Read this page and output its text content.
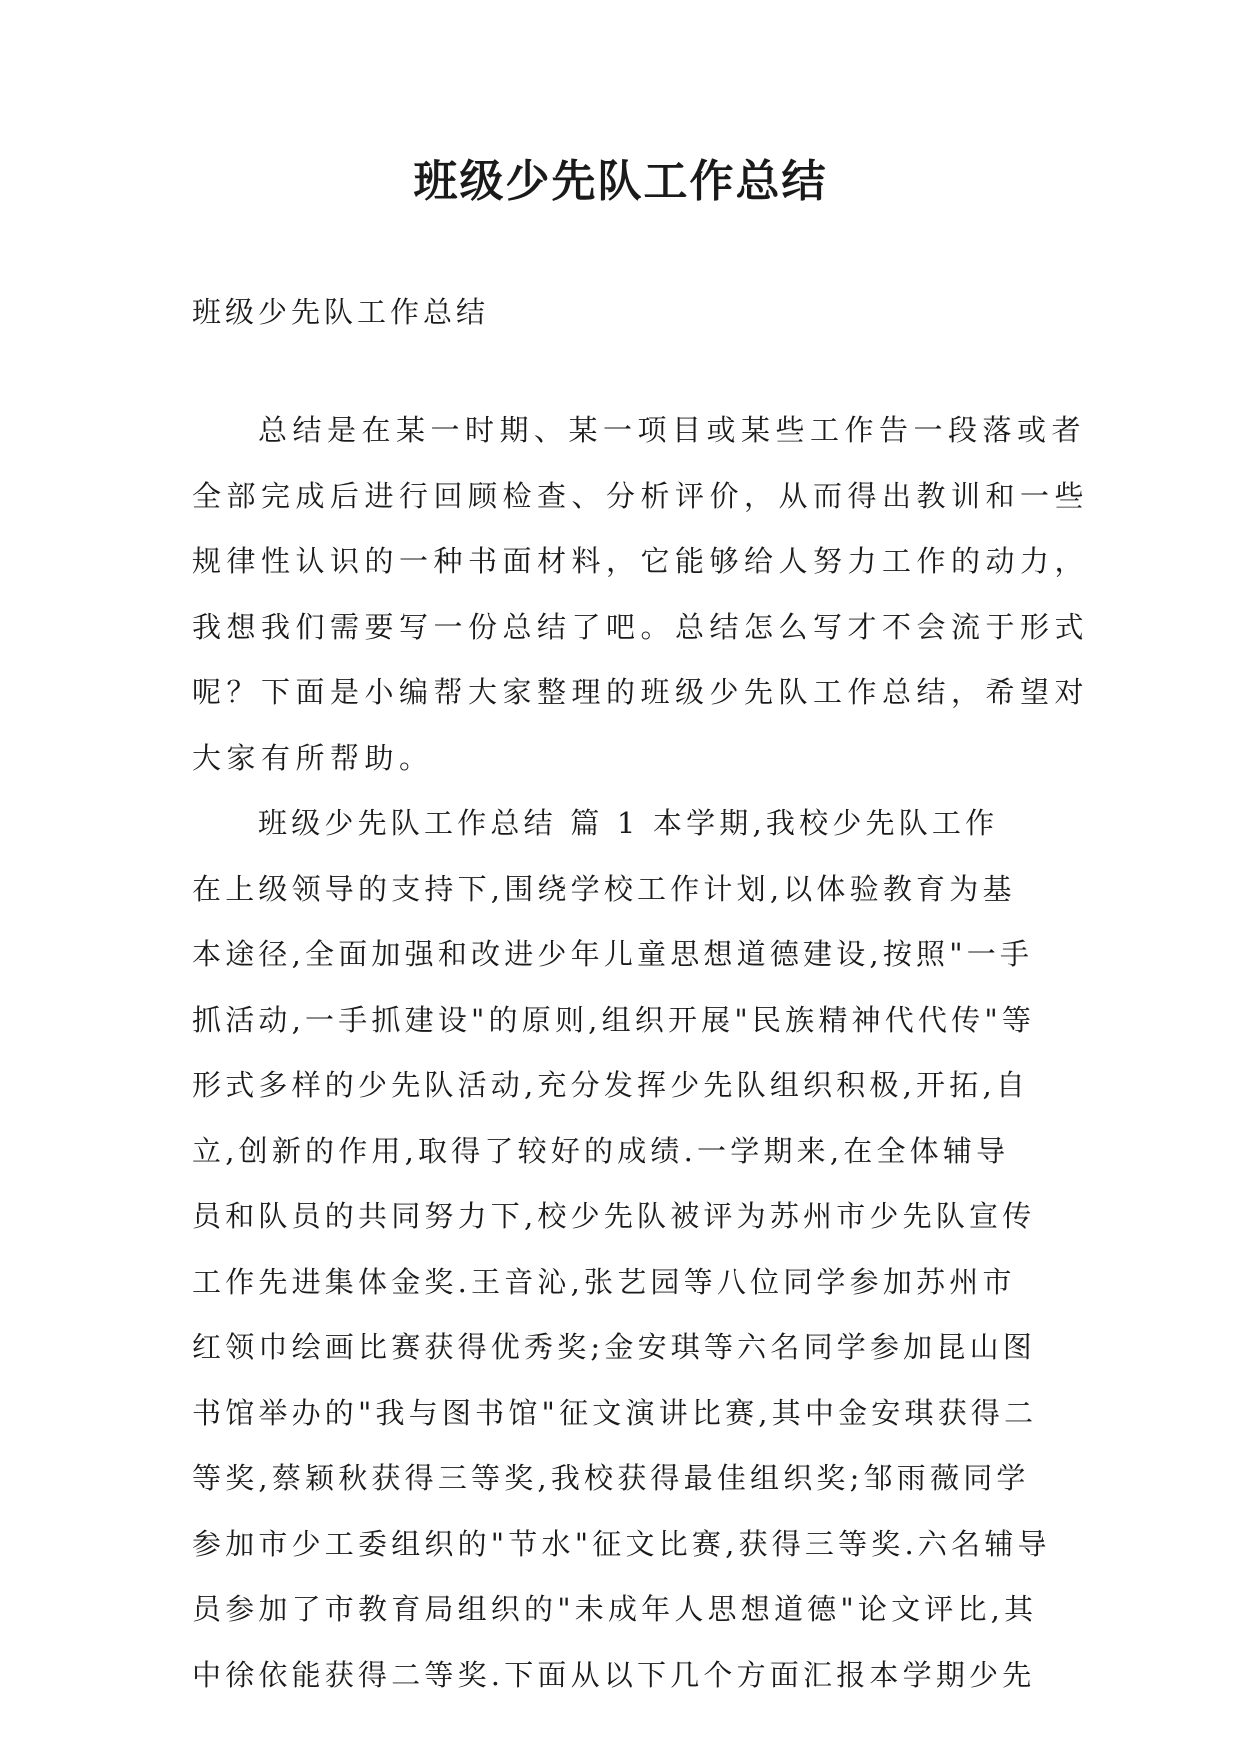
班级少先队工作总结

班级少先队工作总结

总结是在某一时期、某一项目或某些工作告一段落或者
全部完成后进行回顾检查、分析评价，从而得出教训和一些
规律性认识的一种书面材料，它能够给人努力工作的动力，
我想我们需要写一份总结了吧。总结怎么写才不会流于形式
呢？下面是小编帮大家整理的班级少先队工作总结，希望对
大家有所帮助。
班级少先队工作总结 篇 1 本学期,我校少先队工作
在上级领导的支持下,围绕学校工作计划,以体验教育为基
本途径,全面加强和改进少年儿童思想道德建设,按照"一手
抓活动,一手抓建设"的原则,组织开展"民族精神代代传"等
形式多样的少先队活动,充分发挥少先队组织积极,开拓,自
立,创新的作用,取得了较好的成绩.一学期来,在全体辅导
员和队员的共同努力下,校少先队被评为苏州市少先队宣传
工作先进集体金奖.王音沁,张艺园等八位同学参加苏州市
红领巾绘画比赛获得优秀奖;金安琪等六名同学参加昆山图
书馆举办的"我与图书馆"征文演讲比赛,其中金安琪获得二
等奖,蔡颖秋获得三等奖,我校获得最佳组织奖;邹雨薇同学
参加市少工委组织的"节水"征文比赛,获得三等奖.六名辅导
员参加了市教育局组织的"未成年人思想道德"论文评比,其
中徐依能获得二等奖.下面从以下几个方面汇报本学期少先
